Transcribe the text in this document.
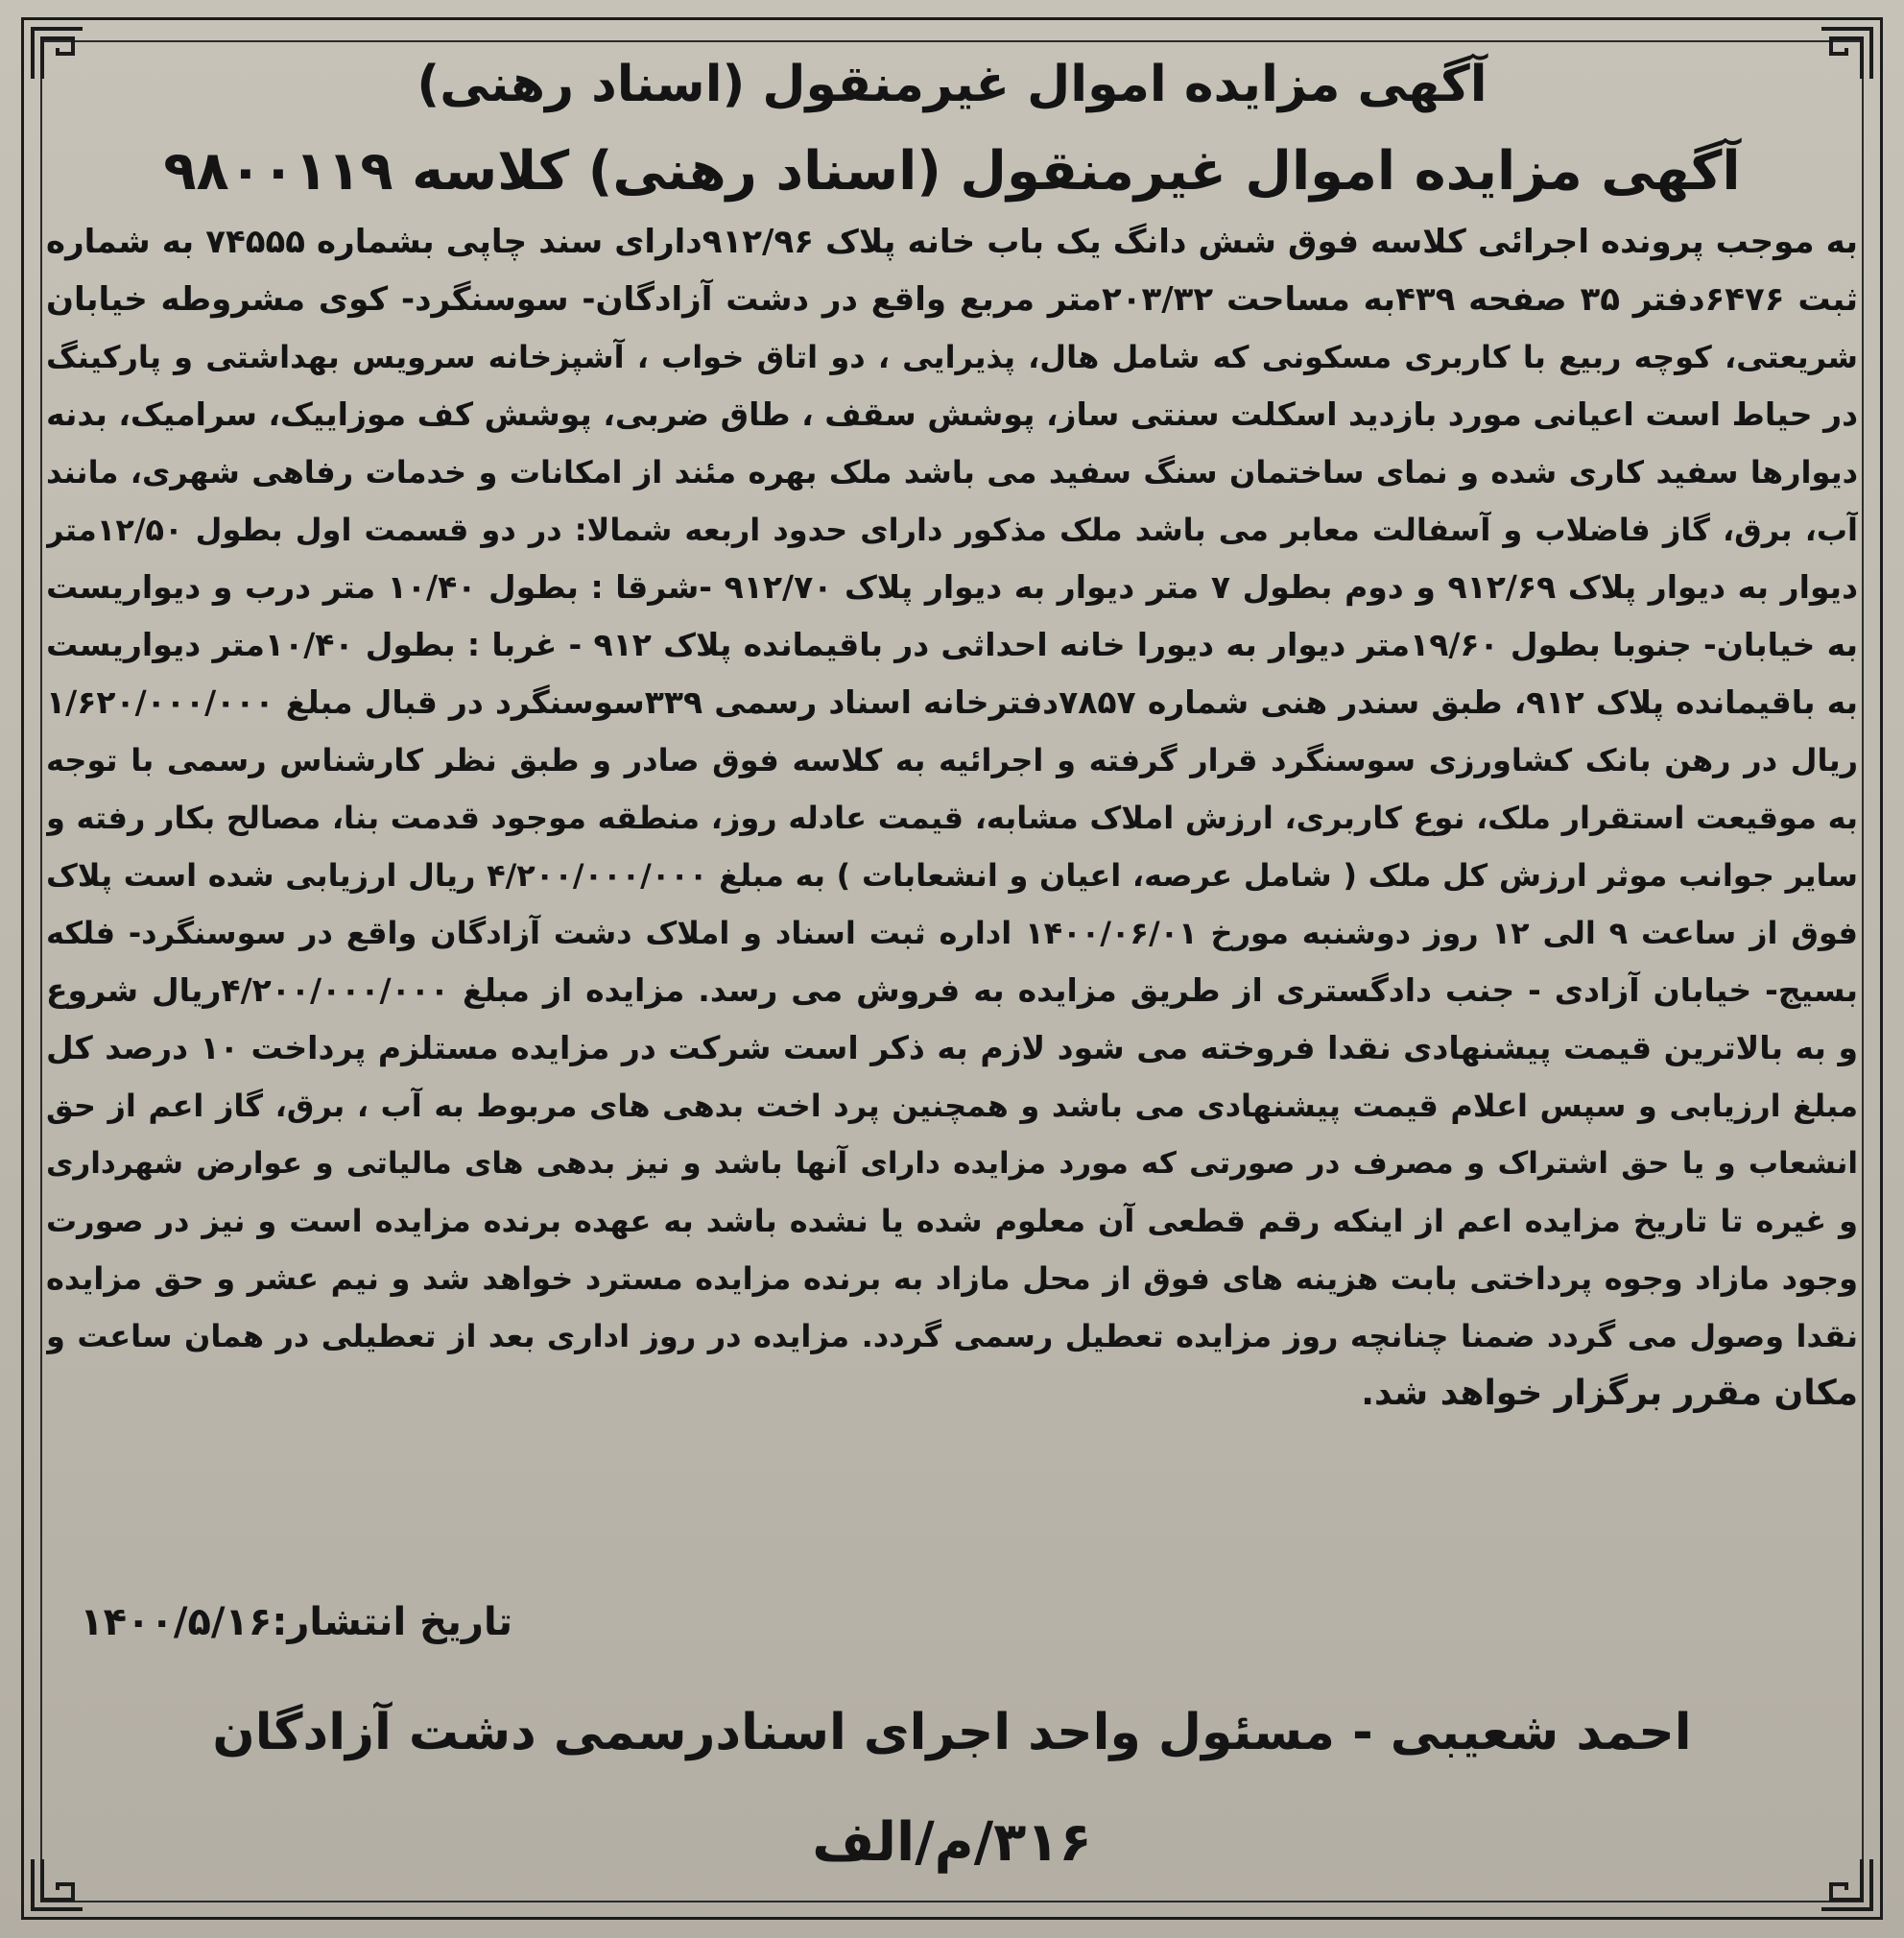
آگهی مزایده اموال غیرمنقول (اسناد رهنی)
آگهی مزایده اموال غیرمنقول (اسناد رهنی) کلاسه ۹۸۰۰۱۱۹
به موجب پرونده اجرائی کلاسه فوق شش دانگ یک باب خانه پلاک ۹۱۲/۹۶دارای سند چاپی بشماره ۷۴۵۵۵ به شماره
ثبت ۶۴۷۶دفتر ۳۵ صفحه ۴۳۹به مساحت ۲۰۳/۳۲متر مربع واقع در دشت آزادگان- سوسنگرد- کوی مشروطه خیابان
شریعتی، کوچه ربیع با کاربری مسکونی که شامل هال، پذیرایی ، دو اتاق خواب ، آشپزخانه سرویس بهداشتی و پارکینگ
در حیاط است اعیانی مورد بازدید اسکلت سنتی ساز، پوشش سقف ، طاق ضربی، پوشش کف موزاییک، سرامیک، بدنه
دیوارها سفید کاری شده و نمای ساختمان سنگ سفید می باشد ملک بهره مئند از امکانات و خدمات رفاهی شهری، مانند
آب، برق، گاز فاضلاب و آسفالت معابر می باشد ملک مذکور دارای حدود اربعه شمالا: در دو قسمت اول بطول ۱۲/۵۰متر
دیوار به دیوار پلاک ۹۱۲/۶۹ و دوم بطول ۷ متر دیوار به دیوار پلاک ۹۱۲/۷۰ -شرقا : بطول ۱۰/۴۰ متر درب و دیواریست
به خیابان- جنوبا بطول ۱۹/۶۰متر دیوار به دیورا خانه احداثی در باقیمانده پلاک ۹۱۲ - غربا : بطول ۱۰/۴۰متر دیواریست
به باقیمانده پلاک ۹۱۲، طبق سندر هنی شماره ۷۸۵۷دفترخانه اسناد رسمی ۳۳۹سوسنگرد در قبال مبلغ ۱/۶۲۰/۰۰۰/۰۰۰
ریال در رهن بانک کشاورزی سوسنگرد قرار گرفته و اجرائیه به کلاسه فوق صادر و طبق نظر کارشناس رسمی با توجه
به موقیعت استقرار ملک، نوع کاربری، ارزش املاک مشابه، قیمت عادله روز، منطقه موجود قدمت بنا، مصالح بکار رفته و
سایر جوانب موثر ارزش کل ملک ( شامل عرصه، اعیان و انشعابات ) به مبلغ ۴/۲۰۰/۰۰۰/۰۰۰ ریال ارزیابی شده است پلاک
فوق از ساعت ۹ الی ۱۲ روز دوشنبه مورخ ۱۴۰۰/۰۶/۰۱ اداره ثبت اسناد و املاک دشت آزادگان واقع در سوسنگرد- فلکه
بسیج- خیابان آزادی - جنب دادگستری از طریق مزایده به فروش می رسد. مزایده از مبلغ ۴/۲۰۰/۰۰۰/۰۰۰ریال شروع
و به بالاترین قیمت پیشنهادی نقدا فروخته می شود لازم به ذکر است شرکت در مزایده مستلزم پرداخت ۱۰ درصد کل
مبلغ ارزیابی و سپس اعلام قیمت پیشنهادی می باشد و همچنین پرد اخت بدهی های مربوط به آب ، برق، گاز اعم از حق
انشعاب و یا حق اشتراک و مصرف در صورتی که مورد مزایده دارای آنها باشد و نیز بدهی های مالیاتی و عوارض شهرداری
و غیره تا تاریخ مزایده اعم از اینکه رقم قطعی آن معلوم شده یا نشده باشد به عهده برنده مزایده است و نیز در صورت
وجود مازاد وجوه پرداختی بابت هزینه های فوق از محل مازاد به برنده مزایده مسترد خواهد شد و نیم عشر و حق مزایده
نقدا وصول می گردد ضمنا چنانچه روز مزایده تعطیل رسمی گردد. مزایده در روز اداری بعد از تعطیلی در همان ساعت و
مکان مقرر برگزار خواهد شد.
تاریخ انتشار:۱۴۰۰/۵/۱۶
احمد شعیبی - مسئول واحد اجرای اسنادرسمی دشت آزادگان
۳۱۶/م/الف
